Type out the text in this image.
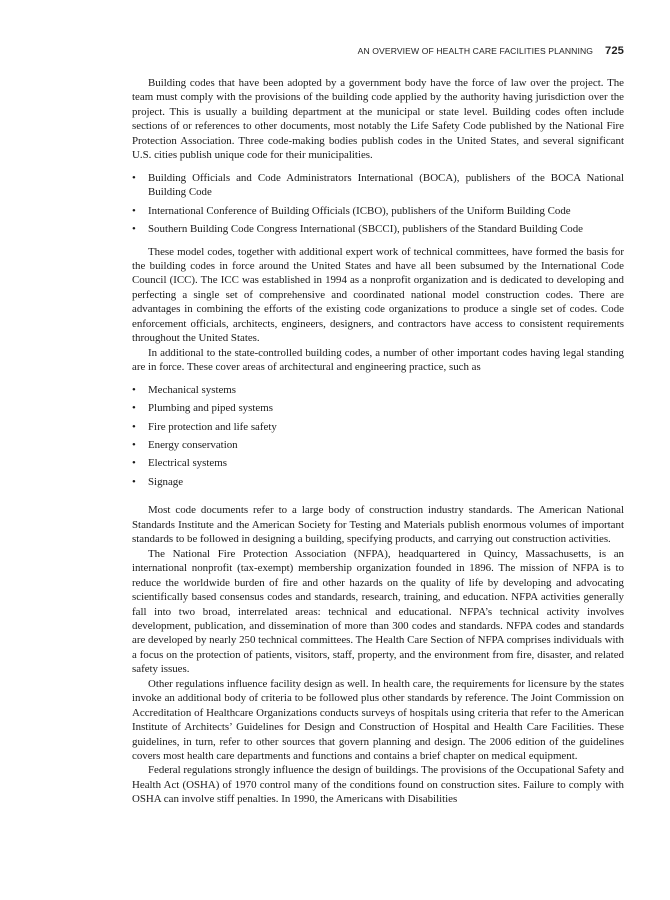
AN OVERVIEW OF HEALTH CARE FACILITIES PLANNING 725

Building codes that have been adopted by a government body have the force of law over the project. The team must comply with the provisions of the building code applied by the authority having jurisdiction over the project. This is usually a building department at the municipal or state level. Building codes often include sections of or references to other documents, most notably the Life Safety Code published by the National Fire Protection Association. Three code-making bodies publish codes in the United States, and several significant U.S. cities publish unique code for their municipalities.

• Building Officials and Code Administrators International (BOCA), publishers of the BOCA National Building Code
• International Conference of Building Officials (ICBO), publishers of the Uniform Building Code
• Southern Building Code Congress International (SBCCI), publishers of the Standard Building Code

These model codes, together with additional expert work of technical committees, have formed the basis for the building codes in force around the United States and have all been subsumed by the International Code Council (ICC). The ICC was established in 1994 as a nonprofit organization and is dedicated to developing and perfecting a single set of comprehensive and coordinated national model construction codes. There are advantages in combining the efforts of the existing code organizations to produce a single set of codes. Code enforcement officials, architects, engineers, designers, and contractors have access to consistent requirements throughout the United States.

In additional to the state-controlled building codes, a number of other important codes having legal standing are in force. These cover areas of architectural and engineering practice, such as

• Mechanical systems
• Plumbing and piped systems
• Fire protection and life safety
• Energy conservation
• Electrical systems
• Signage

Most code documents refer to a large body of construction industry standards. The American National Standards Institute and the American Society for Testing and Materials publish enormous volumes of important standards to be followed in designing a building, specifying products, and carrying out construction activities.

The National Fire Protection Association (NFPA), headquartered in Quincy, Massachusetts, is an international nonprofit (tax-exempt) membership organization founded in 1896. The mission of NFPA is to reduce the worldwide burden of fire and other hazards on the quality of life by developing and advocating scientifically based consensus codes and standards, research, training, and education. NFPA activities generally fall into two broad, interrelated areas: technical and educational. NFPA’s technical activity involves development, publication, and dissemination of more than 300 codes and standards. NFPA codes and standards are developed by nearly 250 technical committees. The Health Care Section of NFPA comprises individuals with a focus on the protection of patients, visitors, staff, property, and the environment from fire, disaster, and related safety issues.

Other regulations influence facility design as well. In health care, the requirements for licensure by the states invoke an additional body of criteria to be followed plus other standards by reference. The Joint Commission on Accreditation of Healthcare Organizations conducts surveys of hospitals using criteria that refer to the American Institute of Architects’ Guidelines for Design and Construction of Hospital and Health Care Facilities. These guidelines, in turn, refer to other sources that govern planning and design. The 2006 edition of the guidelines covers most health care departments and functions and contains a brief chapter on medical equipment.

Federal regulations strongly influence the design of buildings. The provisions of the Occupational Safety and Health Act (OSHA) of 1970 control many of the conditions found on construction sites. Failure to comply with OSHA can involve stiff penalties. In 1990, the Americans with Disabilities
